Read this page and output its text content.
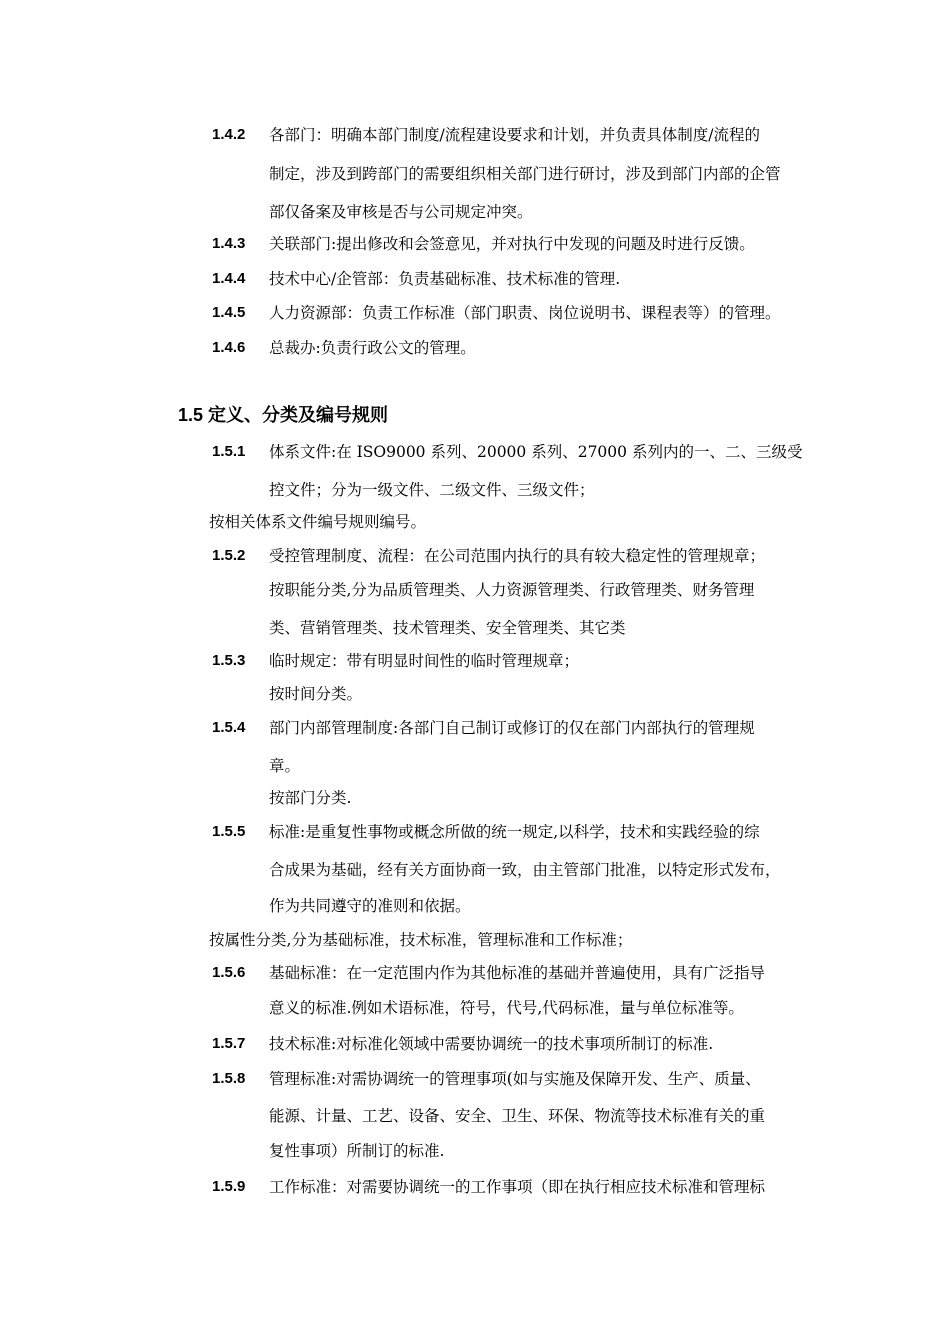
1.4.2 各部门：明确本部门制度/流程建设要求和计划，并负责具体制度/流程的
制定，涉及到跨部门的需要组织相关部门进行研讨，涉及到部门内部的企管
部仅备案及审核是否与公司规定冲突。
1.4.3 关联部门:提出修改和会签意见，并对执行中发现的问题及时进行反馈。
1.4.4 技术中心/企管部：负责基础标准、技术标准的管理.
1.4.5 人力资源部：负责工作标准（部门职责、岗位说明书、课程表等）的管理。
1.4.6 总裁办:负责行政公文的管理。
1.5 定义、分类及编号规则
1.5.1 体系文件:在 ISO9000 系列、20000 系列、27000 系列内的一、二、三级受
控文件；分为一级文件、二级文件、三级文件；
按相关体系文件编号规则编号。
1.5.2 受控管理制度、流程：在公司范围内执行的具有较大稳定性的管理规章；
按职能分类,分为品质管理类、人力资源管理类、行政管理类、财务管理
类、营销管理类、技术管理类、安全管理类、其它类
1.5.3 临时规定：带有明显时间性的临时管理规章；
按时间分类。
1.5.4 部门内部管理制度:各部门自己制订或修订的仅在部门内部执行的管理规
章。
按部门分类.
1.5.5 标准:是重复性事物或概念所做的统一规定,以科学，技术和实践经验的综
合成果为基础，经有关方面协商一致，由主管部门批准，以特定形式发布，
作为共同遵守的准则和依据。
按属性分类,分为基础标准，技术标准，管理标准和工作标准；
1.5.6 基础标准：在一定范围内作为其他标准的基础并普遍使用，具有广泛指导
意义的标准.例如术语标准，符号，代号,代码标准，量与单位标准等。
1.5.7 技术标准:对标准化领域中需要协调统一的技术事项所制订的标准.
1.5.8 管理标准:对需协调统一的管理事项(如与实施及保障开发、生产、质量、
能源、计量、工艺、设备、安全、卫生、环保、物流等技术标准有关的重
复性事项）所制订的标准.
1.5.9 工作标准：对需要协调统一的工作事项（即在执行相应技术标准和管理标
